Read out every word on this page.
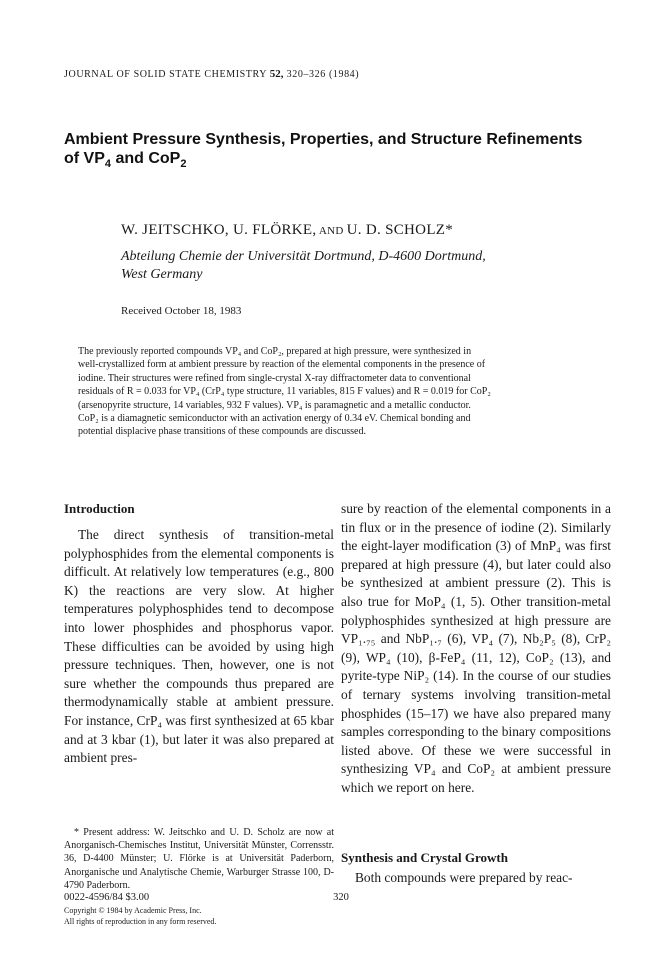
JOURNAL OF SOLID STATE CHEMISTRY 52, 320–326 (1984)
Ambient Pressure Synthesis, Properties, and Structure Refinements
of $VP_4$ and CoP$_2$
W. JEITSCHKO, U. FLÖRKE, AND U. D. SCHOLZ*
Abteilung Chemie der Universität Dortmund, D-4600 Dortmund,
West Germany
Received October 18, 1983

The previously reported compounds VP₄ and CoP₂, prepared at high pressure, were synthesized in

well-crystallized form at ambient pressure by reaction of the elemental components in the presence of

iodine. Their structures were refined from single-crystal X-ray diffractometer data to conventional

residuals of R = 0.033 for VP₄ (CrP₄ type structure, 11 variables, 815 F values) and R = 0.019 for CoP₂

(arsenopyrite structure, 14 variables, 932 F values). VP₄ is paramagnetic and a metallic conductor.

CoP₂ is a diamagnetic semiconductor with an activation energy of 0.34 eV. Chemical bonding and

potential displacive phase transitions of these compounds are discussed.

Introduction

The direct synthesis of transition-metal polyphosphides from the elemental components is difficult. At relatively low temperatures (e.g., 800 K) the reactions are very slow. At higher temperatures polyphosphides tend to decompose into lower phosphides and phosphorus vapor. These difficulties can be avoided by using high pressure techniques. Then, however, one is not sure whether the compounds thus prepared are thermodynamically stable at ambient pressure. For instance, CrP₄ was first synthesized at 65 kbar and at 3 kbar (1), but later it was also prepared at ambient pres-

sure by reaction of the elemental components in a tin flux or in the presence of iodine (2). Similarly the eight-layer modification (3) of MnP₄ was first prepared at high pressure (4), but later could also be synthesized at ambient pressure (2). This is also true for MoP₄ (1, 5). Other transition-metal polyphosphides synthesized at high pressure are VP₁.₇₅ and NbP₁.₇ (6), VP₄ (7), Nb₂P₅ (8), CrP₂ (9), WP₄ (10), β-FeP₄ (11, 12), CoP₂ (13), and pyrite-type NiP₂ (14). In the course of our studies of ternary systems involving transition-metal phosphides (15–17) we have also prepared many samples corresponding to the binary compositions listed above. Of these we were successful in synthesizing VP₄ and CoP₂ at ambient pressure which we report on here.

Synthesis and Crystal Growth

Both compounds were prepared by reac-

* Present address: W. Jeitschko and U. D. Scholz are now at Anorganisch-Chemisches Institut, Universität Münster, Corrensstr. 36, D-4400 Münster; U. Flörke is at Universität Paderborn, Anorganische und Analytische Chemie, Warburger Strasse 100, D-4790 Paderborn.

0022-4596/84 $3.00	320
Copyright © 1984 by Academic Press, Inc.
All rights of reproduction in any form reserved.
